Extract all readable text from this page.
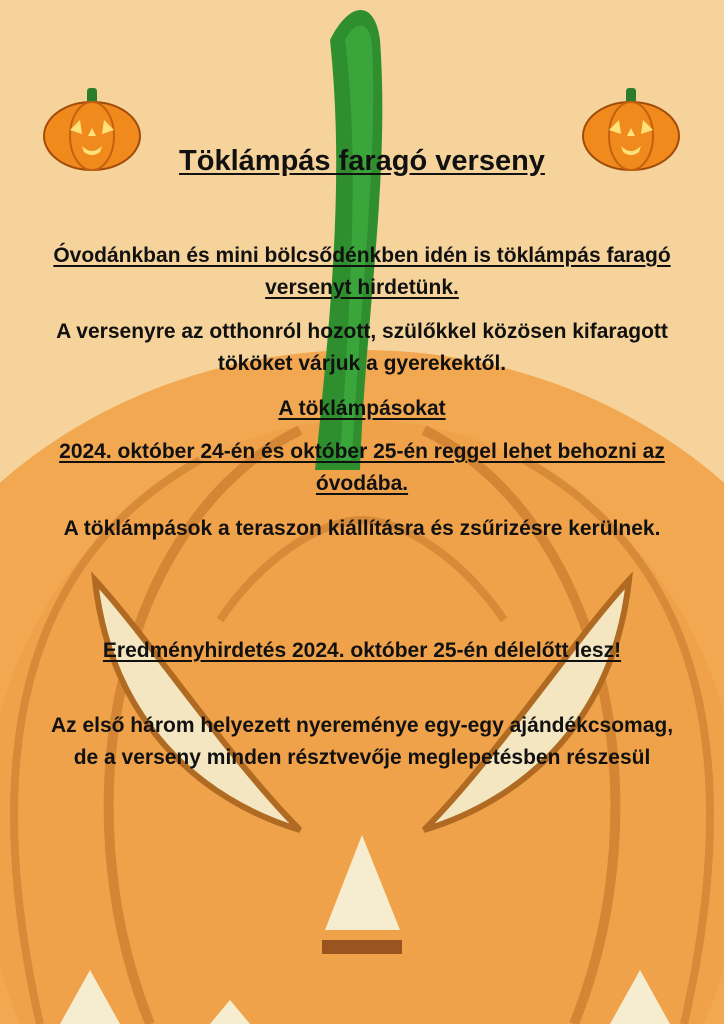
Töklámpás faragó verseny
Óvodánkban és mini bölcsődénkben idén is töklámpás faragó versenyt hirdetünk.
A versenyre az otthonról hozott, szülőkkel közösen kifaragott tököket várjuk a gyerekektől.
A töklámpásokat
2024. október 24-én és október 25-én reggel lehet behozni az óvodába.
A töklámpások a teraszon kiállításra és zsűrizésre kerülnek.
Eredményhirdetés 2024. október 25-én délelőtt lesz!
Az első három helyezett nyereménye egy-egy ajándékcsomag, de a verseny minden résztvevője meglepetésben részesül
